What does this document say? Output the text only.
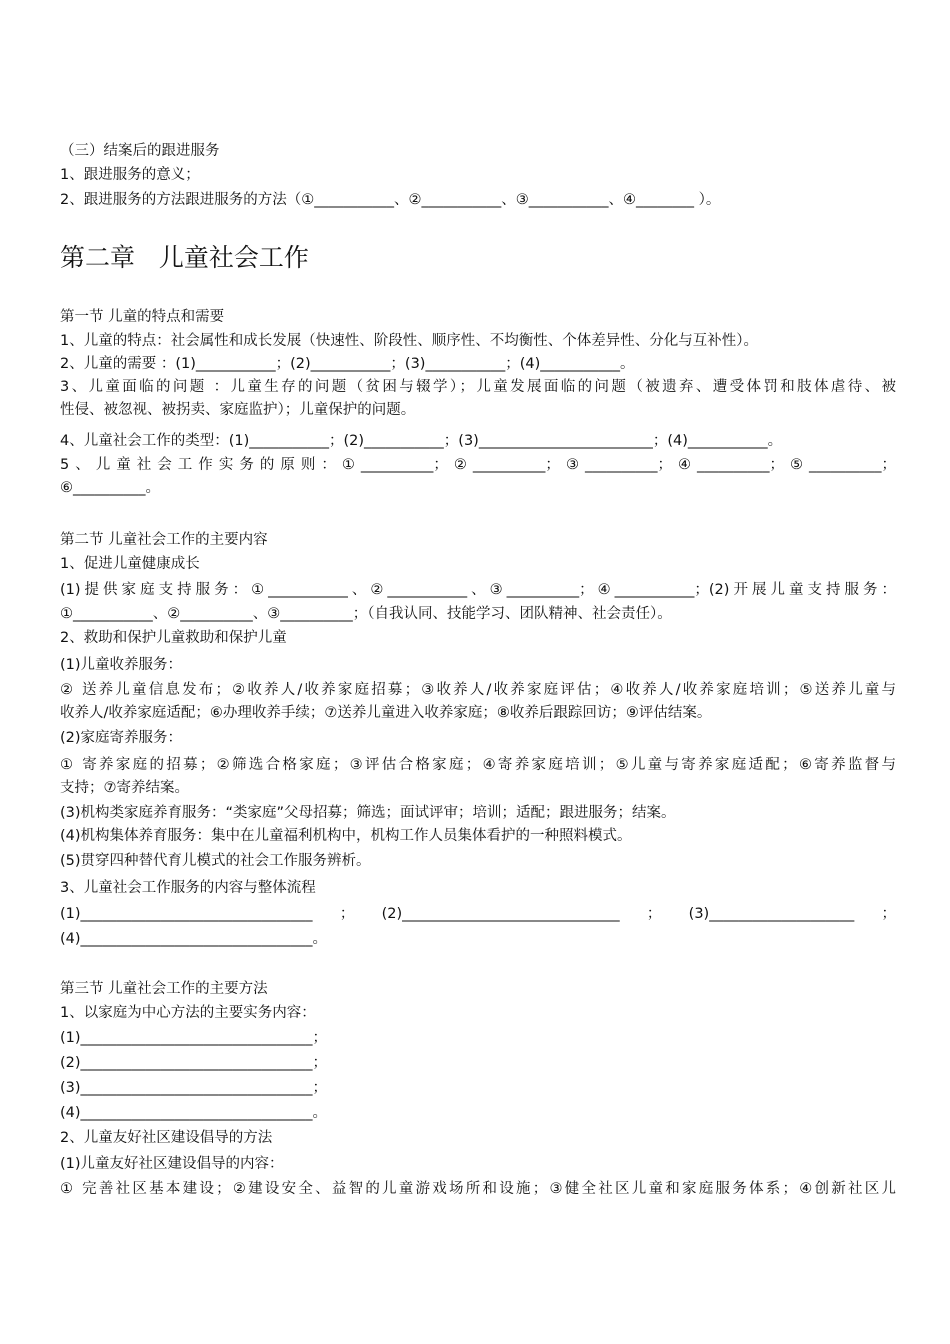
（三）结案后的跟进服务
1、跟进服务的意义；
2、跟进服务的方法跟进服务的方法（①___________、②___________、③___________、④________ ）。
第二章   儿童社会工作
第一节 儿童的特点和需要
1、儿童的特点：社会属性和成长发展（快速性、阶段性、顺序性、不均衡性、个体差异性、分化与互补性）。
2、儿童的需要 ：(1)___________；(2)___________；(3)___________；(4)___________。
3、儿童面临的问题 ：儿童生存的问题（贫困与辍学）；儿童发展面临的问题（被遗弃、遭受体罚和肢体虐待、被
性侵、被忽视、被拐卖、家庭监护）；儿童保护的问题。
4、儿童社会工作的类型：(1)___________；(2)___________；(3)________________________；(4)___________。
5、儿童社会工作实务的原则：①__________；②__________；③__________；④__________；⑤__________；
⑥__________。
第二节 儿童社会工作的主要内容
1、促进儿童健康成长
(1)提供家庭支持服务：①___________、②___________、③__________；④___________；(2)开展儿童支持服务：
①___________、②__________、③__________；（自我认同、技能学习、团队精神、社会责任）。
2、救助和保护儿童救助和保护儿童
(1)儿童收养服务：
② 送养儿童信息发布；②收养人/收养家庭招募；③收养人/收养家庭评估；④收养人/收养家庭培训；⑤送养儿童与
收养人/收养家庭适配；⑥办理收养手续；⑦送养儿童进入收养家庭；⑧收养后跟踪回访；⑨评估结案。
(2)家庭寄养服务：
① 寄养家庭的招募；②筛选合格家庭；③评估合格家庭；④寄养家庭培训；⑤儿童与寄养家庭适配；⑥寄养监督与
支持；⑦寄养结案。
(3)机构类家庭养育服务：“类家庭”父母招募；筛选；面试评审；培训；适配；跟进服务；结案。
(4)机构集体养育服务：集中在儿童福利机构中，机构工作人员集体看护的一种照料模式。
(5)贯穿四种替代育儿模式的社会工作服务辨析。
3、儿童社会工作服务的内容与整体流程
(1)________________________________ ； (2)______________________________ ； (3)____________________ ；
(4)________________________________。
第三节 儿童社会工作的主要方法
1、以家庭为中心方法的主要实务内容：
(1)________________________________；
(2)________________________________；
(3)________________________________；
(4)________________________________。
2、儿童友好社区建设倡导的方法
(1)儿童友好社区建设倡导的内容：
① 完善社区基本建设；②建设安全、益智的儿童游戏场所和设施；③健全社区儿童和家庭服务体系；④创新社区儿
